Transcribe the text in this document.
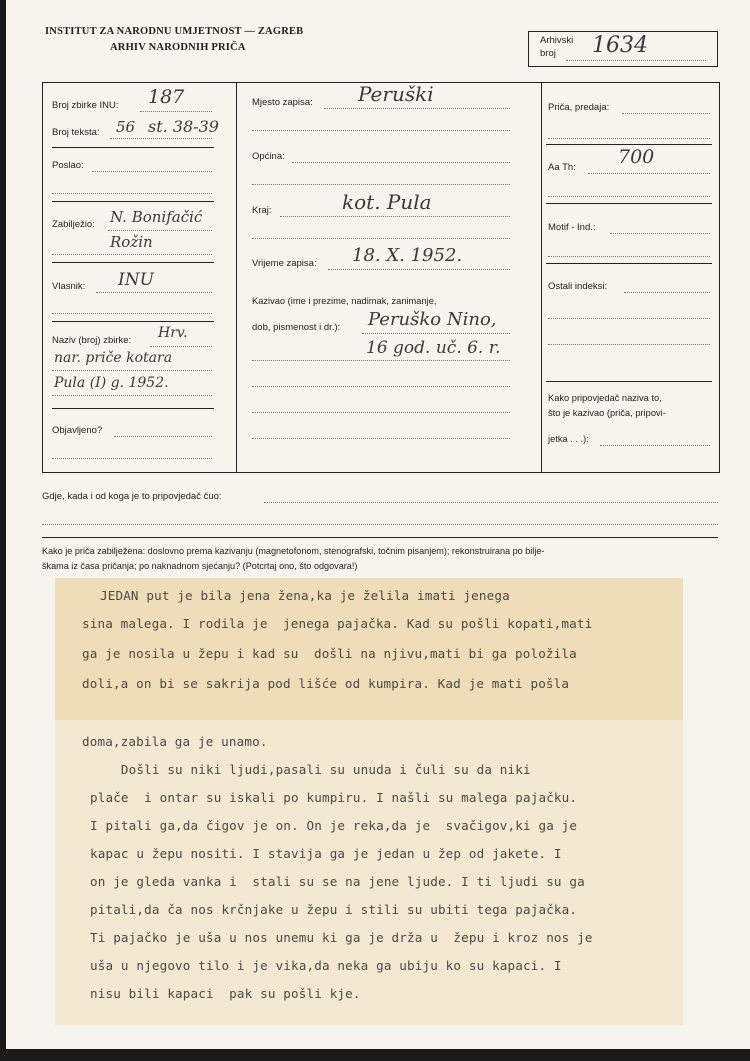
INSTITUT ZA NARODNU UMJETNOST — ZAGREB
ARHIV NARODNIH PRIČA
Arhivski
broj 1634
Broj zbirke INU: 187
Broj teksta: 56 st. 38-39
Poslao:
Zabilježio: N. Bonifačić
Rožin
Vlasnik: INU
Naziv (broj) zbirke: Hrv.
nar. priče kotara
Pula (I) g. 1952.
Objavljeno?
Mjesto zapisa: Peruški
Općina:
Kraj:	kot. Pula
Vrijeme zapisa: 18. X. 1952.
Kazivao (ime i prezime, nadimak, zanimanje,
dob, pismenost i dr.): Peruško Nino,
16 god. uč. 6. r.
Priča, predaja:
Aa Th: 700
Motif - Ind.:
Ostali indeksi:
Kako pripovjedač naziva to,
što je kazivao (priča, pripovi-
jetka . . .):
Gdje, kada i od koga je to pripovjedač čuo:
Kako je priča zabilježena: doslovno prema kazivanju (magnetofonom, stenografski, točnim pisanjem); rekonstruirana po bilje-
škama iz časa pričanja; po naknadnom sjećanju? (Potcrtaj ono, što odgovara!)
JEDAN put je bila jena žena,ka je želila imati jenega
sina malega. I rodila je  jenega pajačka. Kad su pošli kopati,mati
ga je nosila u žepu i kad su  došli na njivu,mati bi ga položila
doli,a on bi se sakrija pod lišće od kumpira. Kad je mati pošla
doma,zabila ga je unamo.
Došli su niki ljudi,pasali su unuda i čuli su da niki
plače  i ontar su iskali po kumpiru. I našli su malega pajačku.
I pitali ga,da čigov je on. On je reka,da je  svačigov,ki ga je
kapac u žepu nositi. I stavija ga je jedan u žep od jakete. I
on je gleda vanka i  stali su se na jene ljude. I ti ljudi su ga
pitali,da ča nos krčnjake u žepu i stili su ubiti tega pajačka.
Ti pajačko je uša u nos unemu ki ga je drža u  žepu i kroz nos je
uša u njegovo tilo i je vika,da neka ga ubiju ko su kapaci. I
nisu bili kapaci  pak su pošli kje.
